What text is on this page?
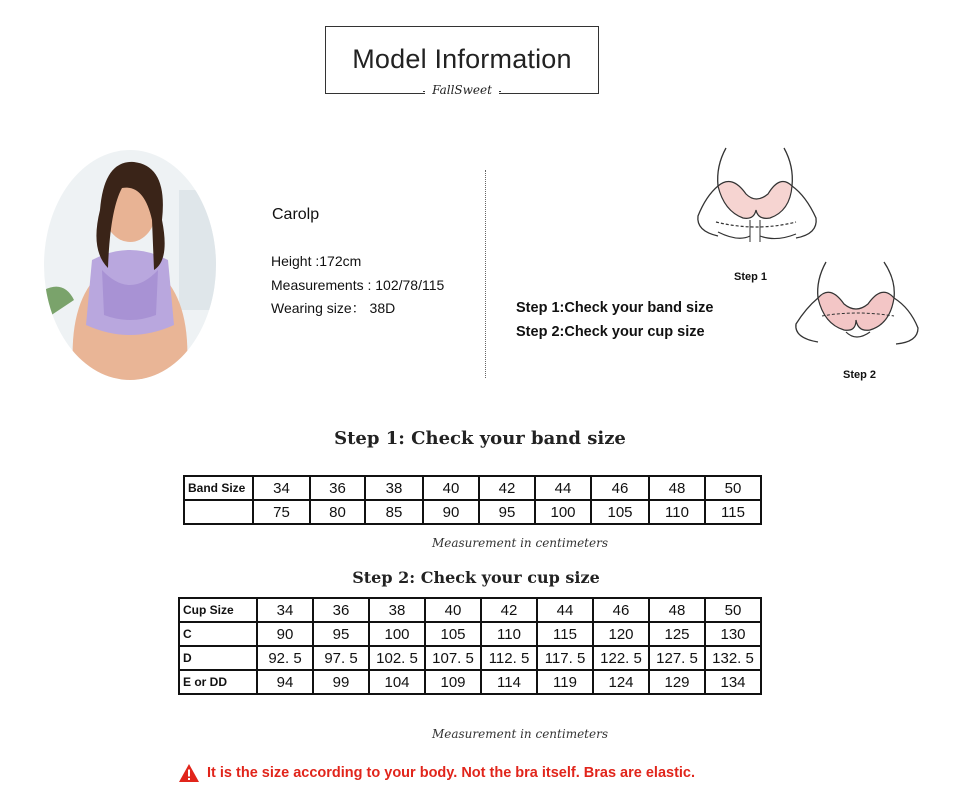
Model Information
FallSweet
Carolp
Height :172cm
Measurements : 102/78/115
Wearing size： 38D	Step 1:Check your band size
Step 2:Check your cup size
Step 1
Step 2
Step 1: Check your band size
Band Size	34	36	38	40	42	44	46	48	50
	75	80	85	90	95	100	105	110	115
Measurement in centimeters
Step 2: Check your cup size
Cup Size	34	36	38	40	42	44	46	48	50
C	90	95	100	105	110	115	120	125	130
D	92. 5	97. 5	102. 5	107. 5	112. 5	117. 5	122. 5	127. 5	132. 5
E or DD	94	99	104	109	114	119	124	129	134
Measurement in centimeters
It is the size according to your body. Not the bra itself. Bras are elastic.
